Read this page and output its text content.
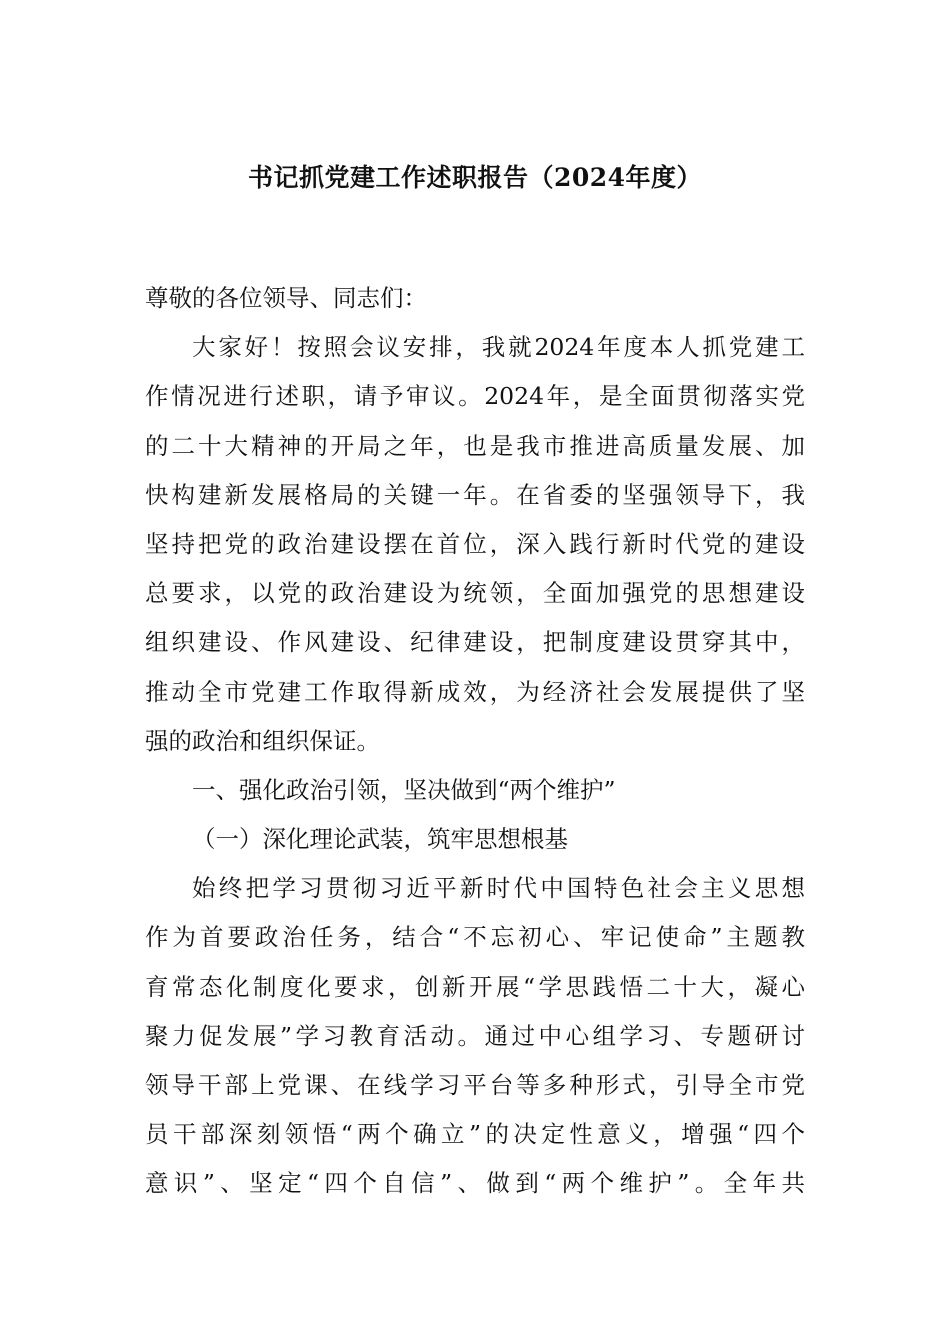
书记抓党建工作述职报告（2024年度）
尊敬的各位领导、同志们：
大家好！按照会议安排，我就2024年度本人抓党建工
作情况进行述职，请予审议。2024年，是全面贯彻落实党
的二十大精神的开局之年，也是我市推进高质量发展、加
快构建新发展格局的关键一年。在省委的坚强领导下，我
坚持把党的政治建设摆在首位，深入践行新时代党的建设
总要求，以党的政治建设为统领，全面加强党的思想建设
组织建设、作风建设、纪律建设，把制度建设贯穿其中，
推动全市党建工作取得新成效，为经济社会发展提供了坚
强的政治和组织保证。
一、强化政治引领，坚决做到“两个维护”
（一）深化理论武装，筑牢思想根基
始终把学习贯彻习近平新时代中国特色社会主义思想
作为首要政治任务，结合“不忘初心、牢记使命”主题教
育常态化制度化要求，创新开展“学思践悟二十大，凝心
聚力促发展”学习教育活动。通过中心组学习、专题研讨
领导干部上党课、在线学习平台等多种形式，引导全市党
员干部深刻领悟“两个确立”的决定性意义，增强“四个
意识”、坚定“四个自信”、做到“两个维护”。全年共
